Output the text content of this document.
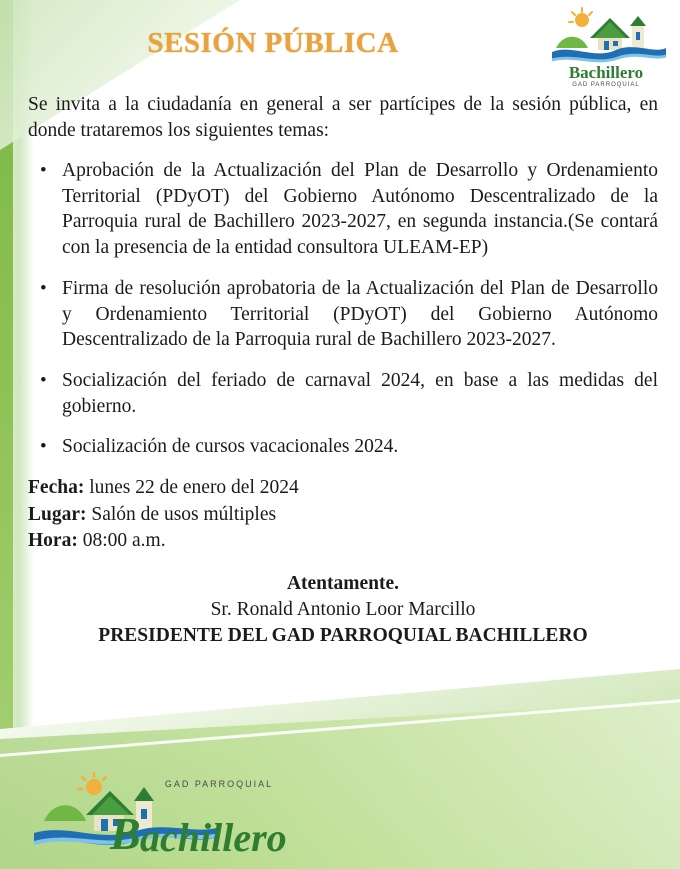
Bachillero
GAD PARROQUIAL
GAD PARROQUIAL
B achillero
SESIÓN PÚBLICA

Se invita a la ciudadanía en general a ser partícipes de la sesión pública, en donde trataremos los siguientes temas:

• Aprobación de la Actualización del Plan de Desarrollo y Ordenamiento Territorial (PDyOT) del Gobierno Autónomo Descentralizado de la Parroquia rural de Bachillero 2023-2027, en segunda instancia.(Se contará con la presencia de la entidad consultora ULEAM-EP)
• Firma de resolución aprobatoria de la Actualización del Plan de Desarrollo y Ordenamiento Territorial (PDyOT) del Gobierno Autónomo Descentralizado de la Parroquia rural de Bachillero 2023-2027.
• Socialización del feriado de carnaval 2024, en base a las medidas del gobierno.
• Socialización de cursos vacacionales 2024.
Fecha: lunes 22 de enero del 2024
Lugar: Salón de usos múltiples
Hora: 08:00 a.m.
Atentamente.
Sr. Ronald Antonio Loor Marcillo
PRESIDENTE DEL GAD PARROQUIAL BACHILLERO
